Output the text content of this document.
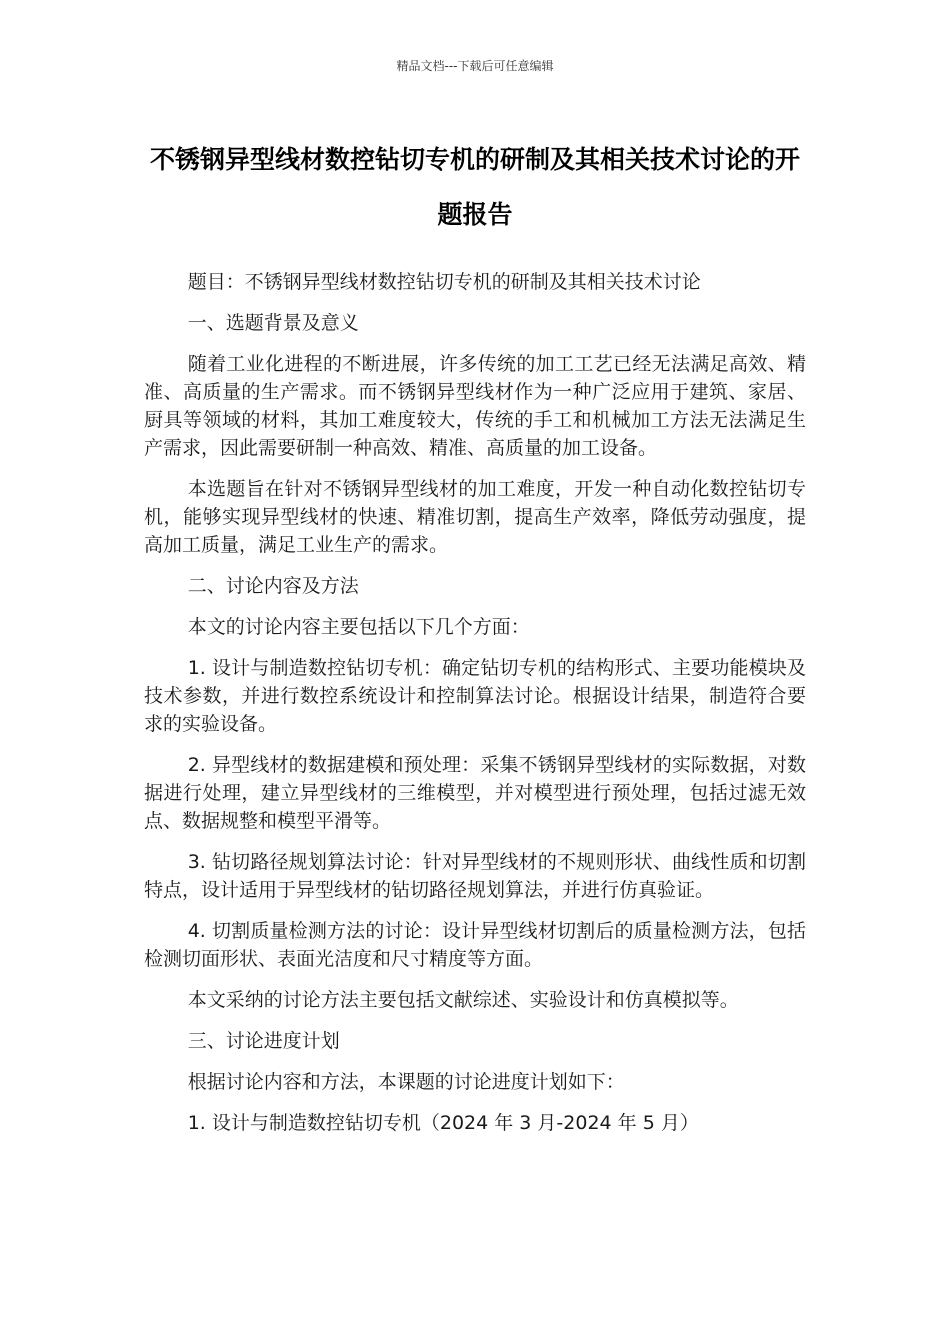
精品文档---下载后可任意编辑
不锈钢异型线材数控钻切专机的研制及其相关技术讨论的开题报告

题目：不锈钢异型线材数控钻切专机的研制及其相关技术讨论

一、选题背景及意义

随着工业化进程的不断进展，许多传统的加工工艺已经无法满足高效、精准、高质量的生产需求。而不锈钢异型线材作为一种广泛应用于建筑、家居、厨具等领域的材料，其加工难度较大，传统的手工和机械加工方法无法满足生产需求，因此需要研制一种高效、精准、高质量的加工设备。

本选题旨在针对不锈钢异型线材的加工难度，开发一种自动化数控钻切专机，能够实现异型线材的快速、精准切割，提高生产效率，降低劳动强度，提高加工质量，满足工业生产的需求。

二、讨论内容及方法

本文的讨论内容主要包括以下几个方面：

1. 设计与制造数控钻切专机：确定钻切专机的结构形式、主要功能模块及技术参数，并进行数控系统设计和控制算法讨论。根据设计结果，制造符合要求的实验设备。

2. 异型线材的数据建模和预处理：采集不锈钢异型线材的实际数据，对数据进行处理，建立异型线材的三维模型，并对模型进行预处理，包括过滤无效点、数据规整和模型平滑等。

3. 钻切路径规划算法讨论：针对异型线材的不规则形状、曲线性质和切割特点，设计适用于异型线材的钻切路径规划算法，并进行仿真验证。

4. 切割质量检测方法的讨论：设计异型线材切割后的质量检测方法，包括检测切面形状、表面光洁度和尺寸精度等方面。

本文采纳的讨论方法主要包括文献综述、实验设计和仿真模拟等。

三、讨论进度计划

根据讨论内容和方法，本课题的讨论进度计划如下：

1. 设计与制造数控钻切专机（2024 年 3 月-2024 年 5 月）
